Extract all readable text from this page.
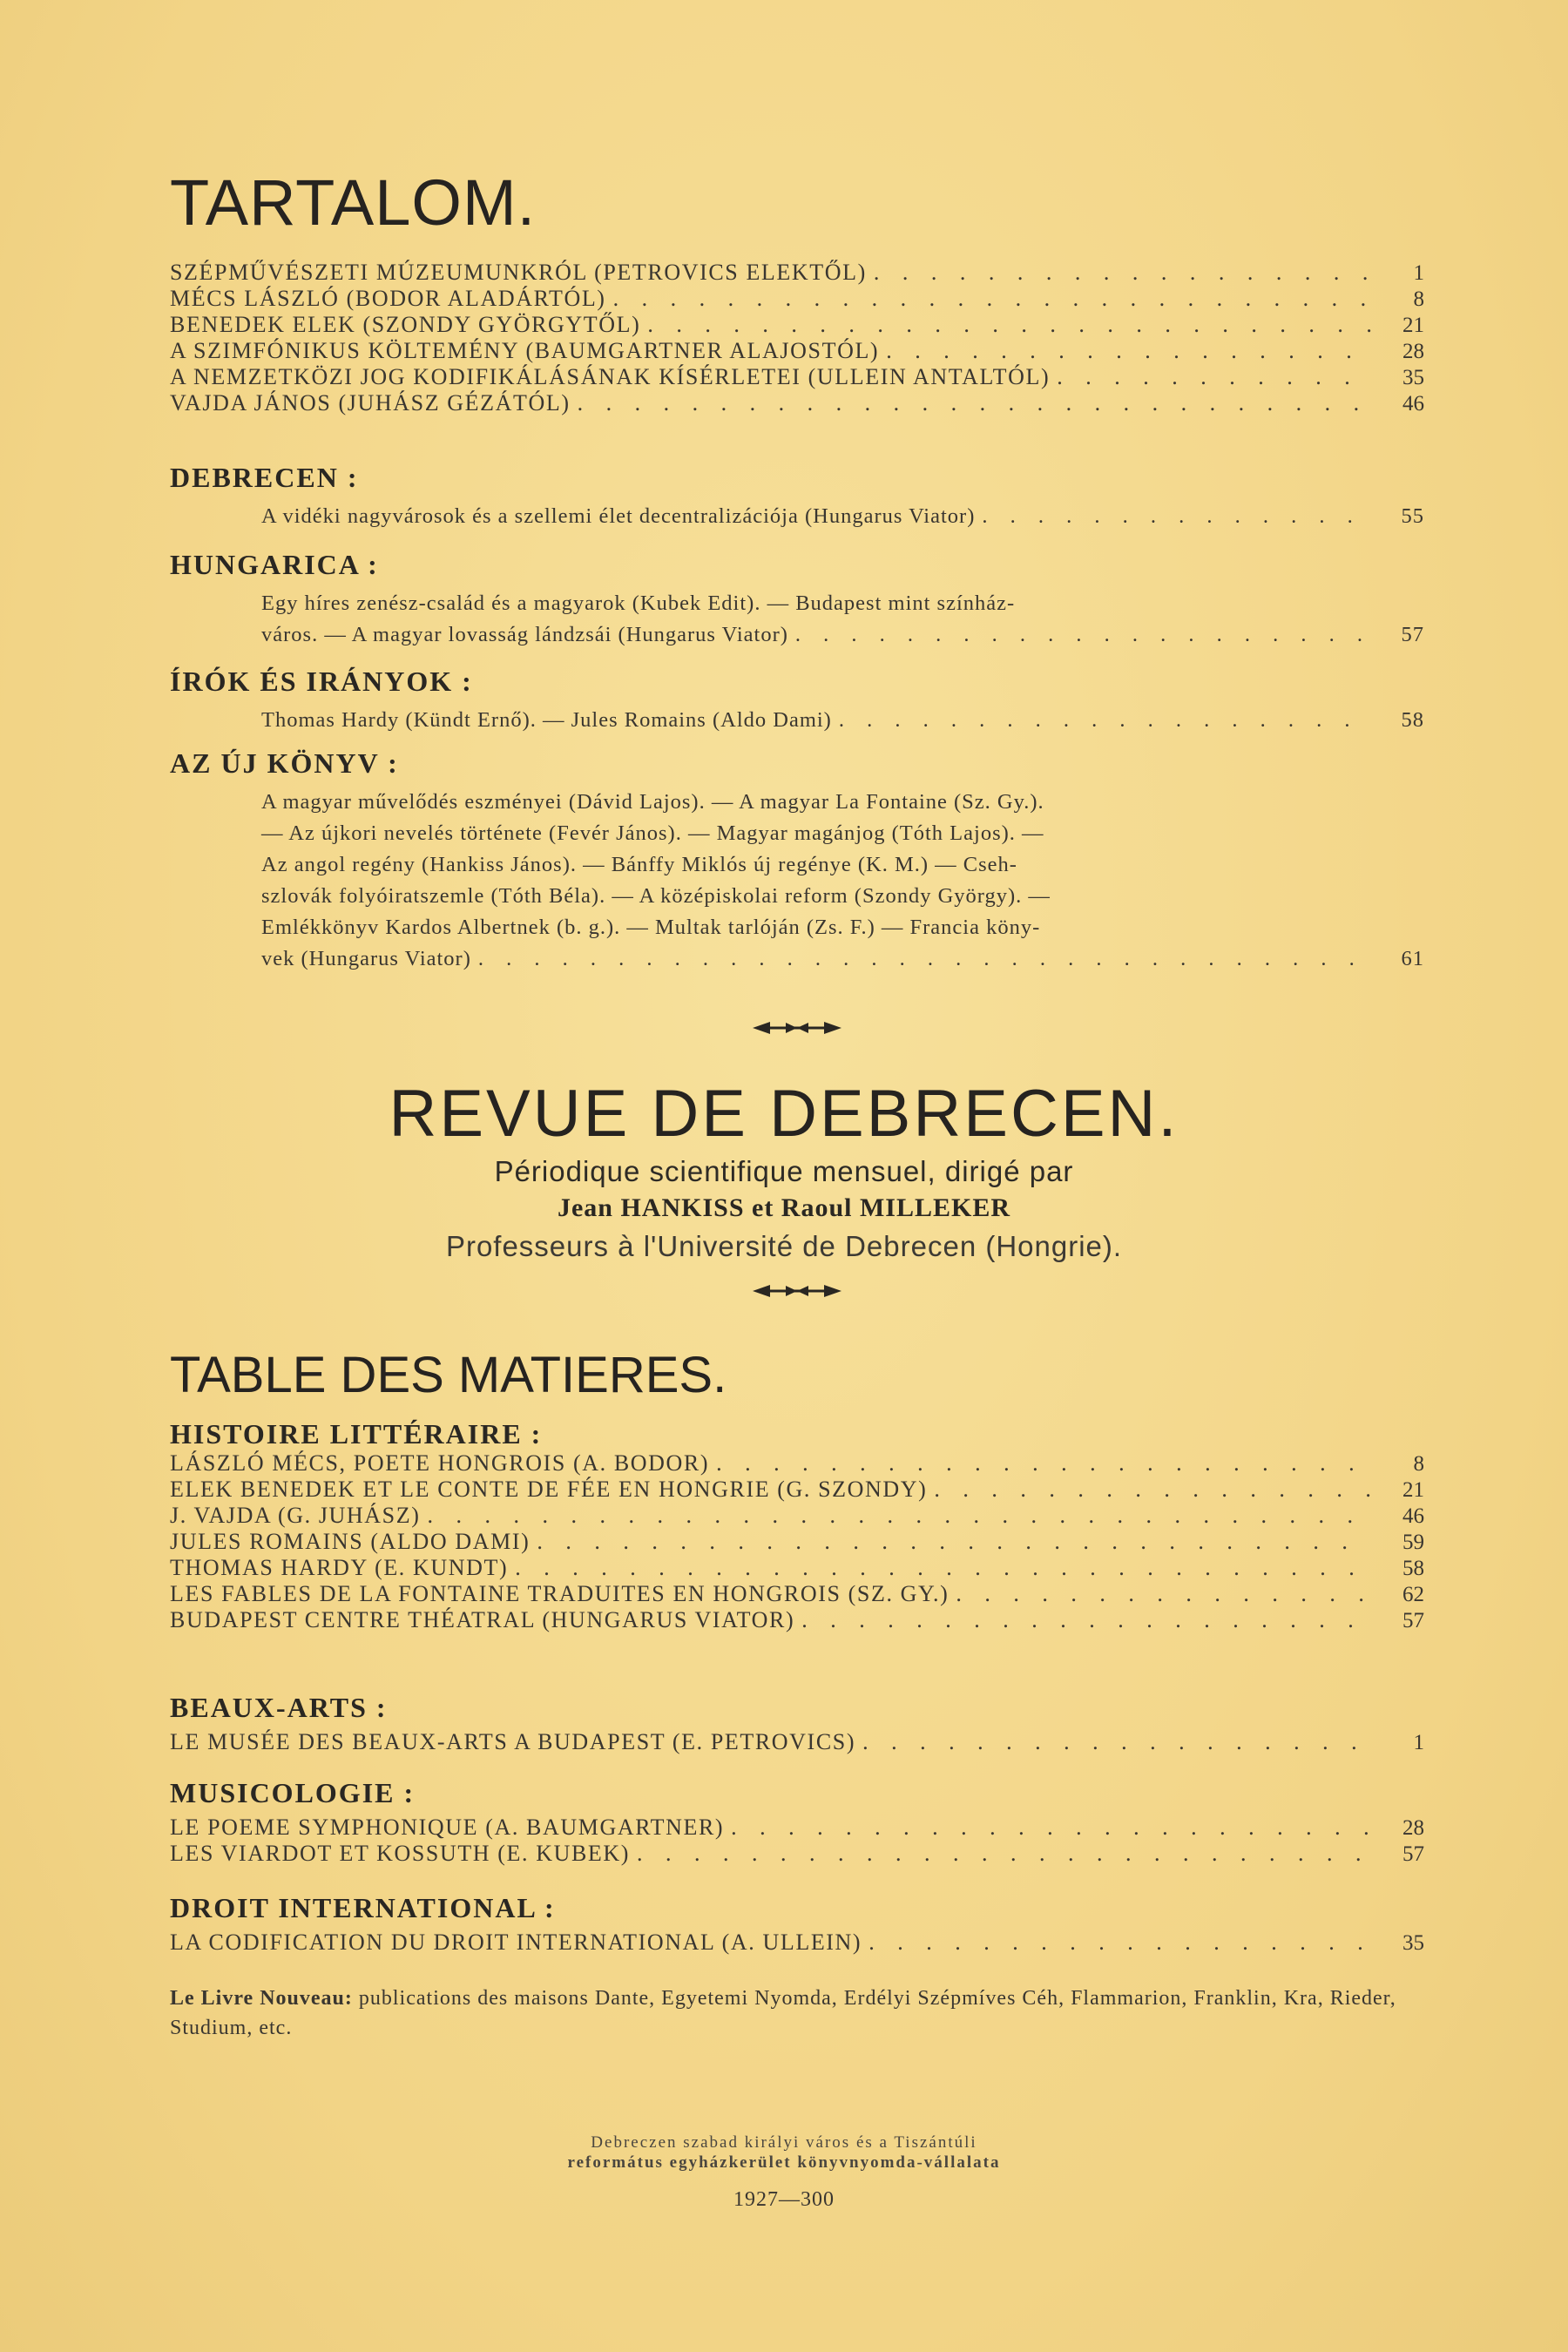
TARTALOM.
SZÉPMŰVÉSZETI MÚZEUMUNKRÓL (PETROVICS ELEKTŐL) . . .	1
MÉCS LÁSZLÓ (BODOR ALADÁRTÓL) . . .	8
BENEDEK ELEK (SZONDY GYÖRGYTŐL) . . .	21
A SZIMFÓNIKUS KÖLTEMÉNY (BAUMGARTNER ALAJOSTÓL) . . .	28
A NEMZETKÖZI JOG KODIFIKÁLÁSÁNAK KÍSÉRLETEI (ULLEIN ANTALTÓL) . . .	35
VAJDA JÁNOS (JUHÁSZ GÉZÁTÓL) . . .	46
DEBRECEN :
A vidéki nagyvárosok és a szellemi élet decentralizációja (Hungarus Viator) . . .	55
HUNGARICA :
Egy híres zenész-család és a magyarok (Kubek Edit). — Budapest mint színház-
város. — A magyar lovasság lándzsái (Hungarus Viator) . . .	57
ÍRÓK ÉS IRÁNYOK :
Thomas Hardy (Kündt Ernő). — Jules Romains (Aldo Dami) . . .	58
AZ ÚJ KÖNYV :
A magyar művelődés eszményei (Dávid Lajos). — A magyar La Fontaine (Sz. Gy.).
— Az újkori nevelés története (Fevér János). — Magyar magánjog (Tóth Lajos). —
Az angol regény (Hankiss János). — Bánffy Miklós új regénye (K. M.) — Cseh-
szlovák folyóiratszemle (Tóth Béla). — A középiskolai reform (Szondy György). —
Emlékkönyv Kardos Albertnek (b. g.). — Multak tarlóján (Zs. F.) — Francia köny-
vek (Hungarus Viator) . . .	61
REVUE DE DEBRECEN.
Périodique scientifique mensuel, dirigé par
Jean HANKISS et Raoul MILLEKER
Professeurs à l'Université de Debrecen (Hongrie).
TABLE DES MATIERES.
HISTOIRE LITTÉRAIRE :
LÁSZLÓ MÉCS, POETE HONGROIS (A. BODOR) . . .	8
ELEK BENEDEK ET LE CONTE DE FÉE EN HONGRIE (G. SZONDY) . . .	21
J. VAJDA (G. JUHÁSZ) . . .	46
JULES ROMAINS (ALDO DAMI) . . .	59
THOMAS HARDY (E. KUNDT) . . .	58
LES FABLES DE LA FONTAINE TRADUITES EN HONGROIS (SZ. GY.) . . .	62
BUDAPEST CENTRE THÉATRAL (HUNGARUS VIATOR) . . .	57
BEAUX-ARTS :
LE MUSÉE DES BEAUX-ARTS A BUDAPEST (E. PETROVICS) . . .	1
MUSICOLOGIE :
LE POEME SYMPHONIQUE (A. BAUMGARTNER) . . .	28
LES VIARDOT ET KOSSUTH (E. KUBEK) . . .	57
DROIT INTERNATIONAL :
LA CODIFICATION DU DROIT INTERNATIONAL (A. ULLEIN) . . .	35
Le Livre Nouveau: publications des maisons Dante, Egyetemi Nyomda, Erdélyi Szépmíves Céh, Flammarion, Franklin, Kra, Rieder, Studium, etc.
Debreczen szabad királyi város és a Tiszántúli
református egyházkerület könyvnyomda-vállalata
1927—300
